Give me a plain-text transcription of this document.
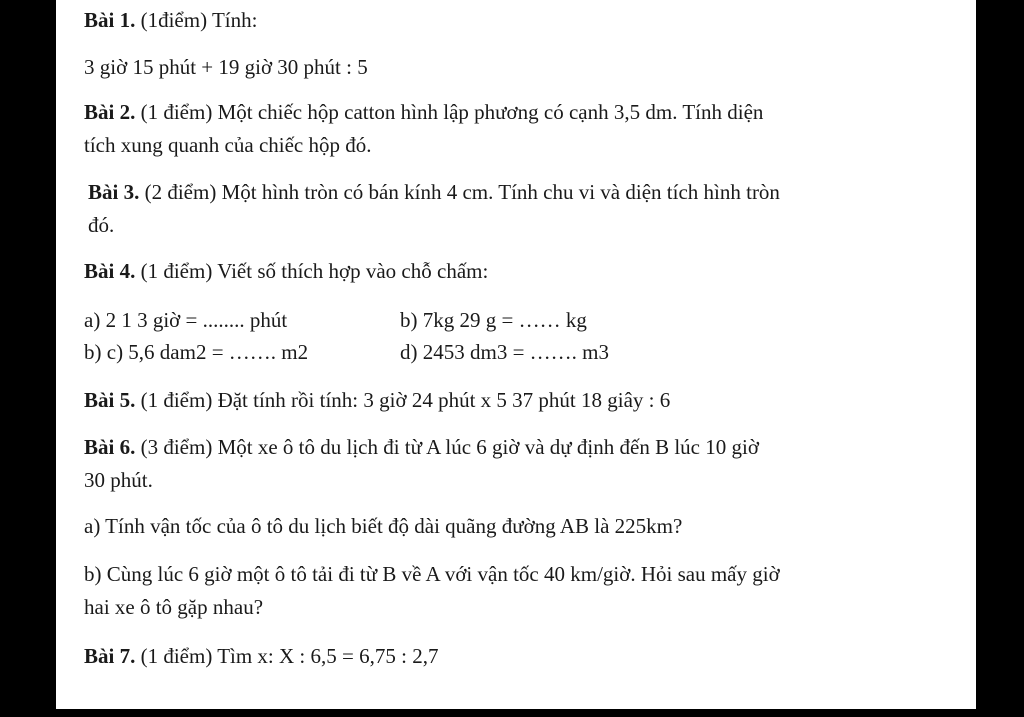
Bài 1. (1điểm) Tính:

3 giờ 15 phút + 19 giờ 30 phút : 5

Bài 2. (1 điểm) Một chiếc hộp catton hình lập phương có cạnh 3,5 dm. Tính diện
tích xung quanh của chiếc hộp đó.

Bài 3. (2 điểm) Một hình tròn có bán kính 4 cm. Tính chu vi và diện tích hình tròn
đó.

Bài 4. (1 điểm) Viết số thích hợp vào chỗ chấm:

a) 2 1 3 giờ = ........ phút	b) 7kg 29 g = …… kg
b) c) 5,6 dam2 = ……. m2	d) 2453 dm3 = ……. m3

Bài 5. (1 điểm) Đặt tính rồi tính: 3 giờ 24 phút x 5 37 phút 18 giây : 6

Bài 6. (3 điểm) Một xe ô tô du lịch đi từ A lúc 6 giờ và dự định đến B lúc 10 giờ
30 phút.

a) Tính vận tốc của ô tô du lịch biết độ dài quãng đường AB là 225km?

b) Cùng lúc 6 giờ một ô tô tải đi từ B về A với vận tốc 40 km/giờ. Hỏi sau mấy giờ
hai xe ô tô gặp nhau?

Bài 7. (1 điểm) Tìm x: X : 6,5 = 6,75 : 2,7
